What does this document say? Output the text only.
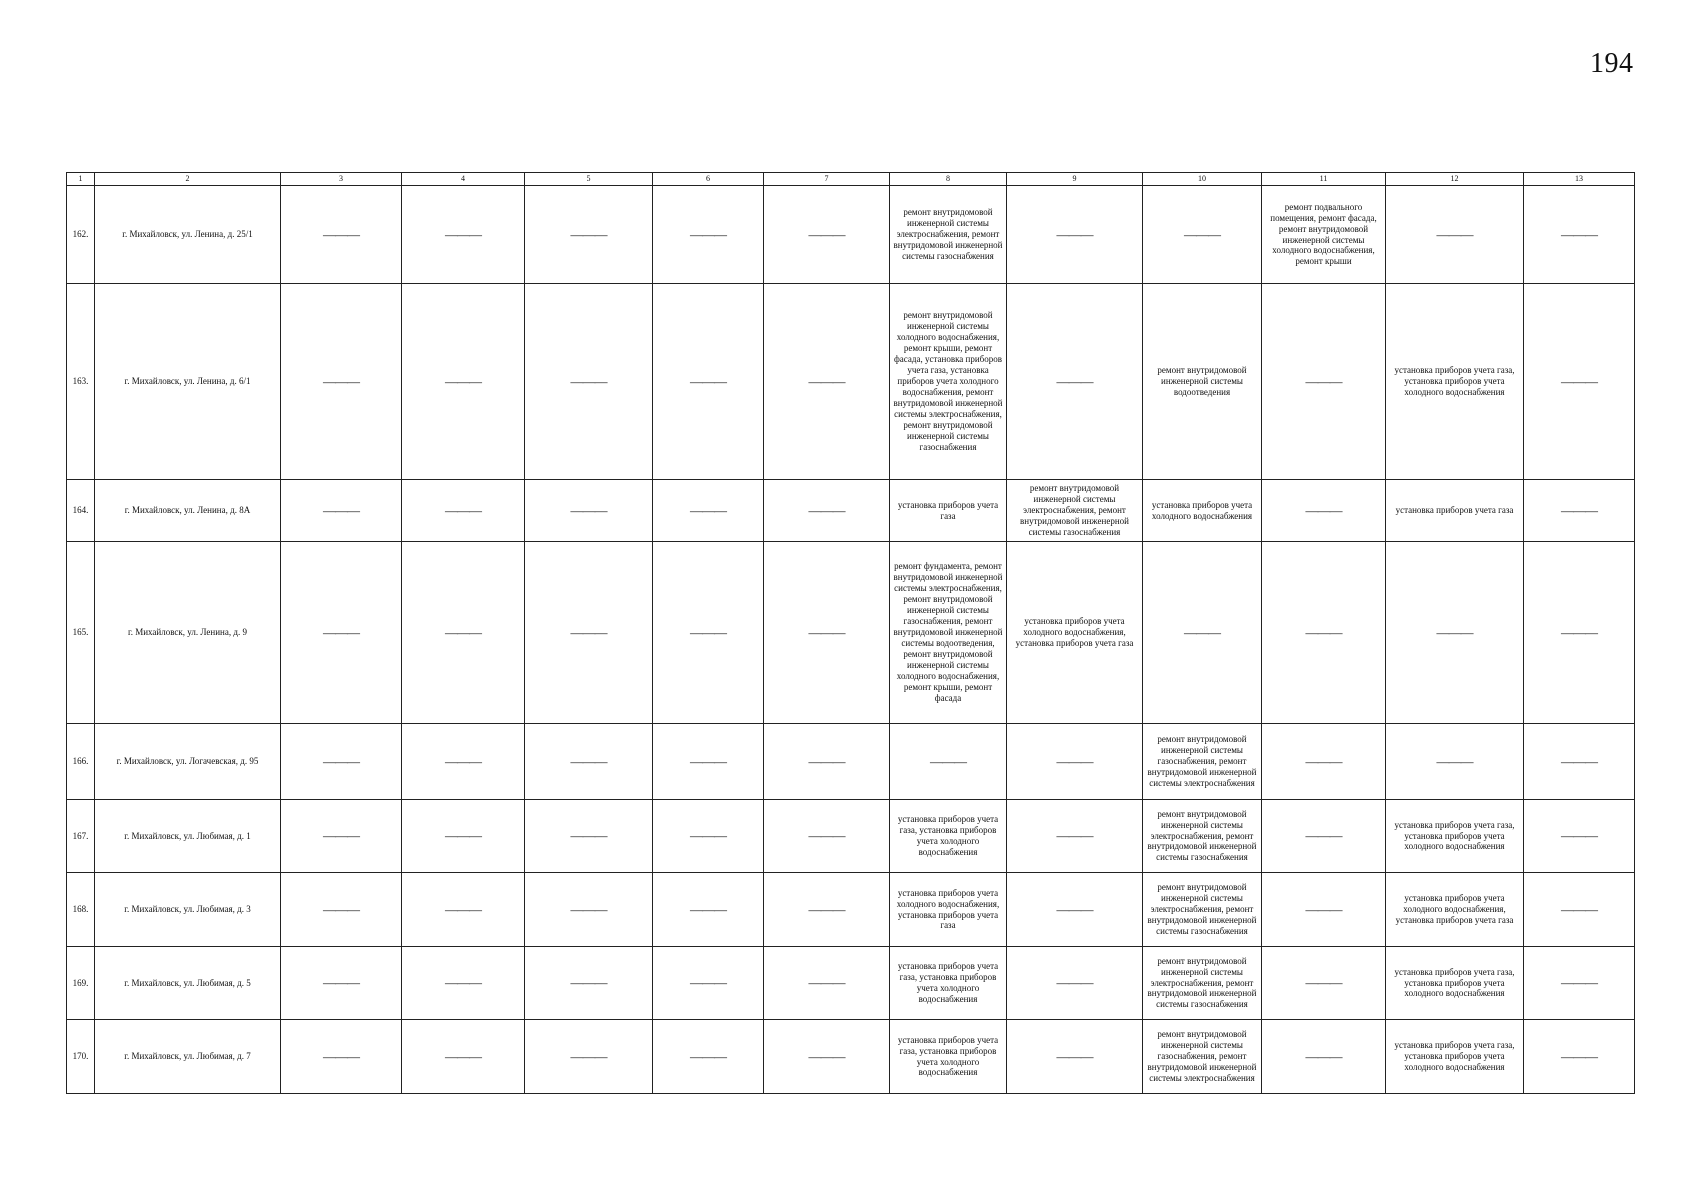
194
1	2	3	4	5	6	7	8	9	10	11	12	13
162.	г. Михайловск, ул. Ленина, д. 25/1	———	———	———	———	———	ремонт внутридомовой инженерной системы электроснабжения, ремонт внутридомовой инженерной системы газоснабжения	———	———	ремонт подвального помещения, ремонт фасада, ремонт внутридомовой инженерной системы холодного водоснабжения, ремонт крыши	———	———
163.	г. Михайловск, ул. Ленина, д. 6/1	———	———	———	———	———	ремонт внутридомовой инженерной системы холодного водоснабжения, ремонт крыши, ремонт фасада, установка приборов учета газа, установка приборов учета холодного водоснабжения, ремонт внутридомовой инженерной системы электроснабжения, ремонт внутридомовой инженерной системы газоснабжения	———	ремонт внутридомовой инженерной системы водоотведения	———	установка приборов учета газа, установка приборов учета холодного водоснабжения	———
164.	г. Михайловск, ул. Ленина, д. 8А	———	———	———	———	———	установка приборов учета газа	ремонт внутридомовой инженерной системы электроснабжения, ремонт внутридомовой инженерной системы газоснабжения	установка приборов учета холодного водоснабжения	———	установка приборов учета газа	———
165.	г. Михайловск, ул. Ленина, д. 9	———	———	———	———	———	ремонт фундамента, ремонт внутридомовой инженерной системы электроснабжения, ремонт внутридомовой инженерной системы газоснабжения, ремонт внутридомовой инженерной системы водоотведения, ремонт внутридомовой инженерной системы холодного водоснабжения, ремонт крыши, ремонт фасада	установка приборов учета холодного водоснабжения, установка приборов учета газа	———	———	———	———
166.	г. Михайловск, ул. Логачевская, д. 95	———	———	———	———	———	———	———	ремонт внутридомовой инженерной системы газоснабжения, ремонт внутридомовой инженерной системы электроснабжения	———	———	———
167.	г. Михайловск, ул. Любимая, д. 1	———	———	———	———	———	установка приборов учета газа, установка приборов учета холодного водоснабжения	———	ремонт внутридомовой инженерной системы электроснабжения, ремонт внутридомовой инженерной системы газоснабжения	———	установка приборов учета газа, установка приборов учета холодного водоснабжения	———
168.	г. Михайловск, ул. Любимая, д. 3	———	———	———	———	———	установка приборов учета холодного водоснабжения, установка приборов учета газа	———	ремонт внутридомовой инженерной системы электроснабжения, ремонт внутридомовой инженерной системы газоснабжения	———	установка приборов учета холодного водоснабжения, установка приборов учета газа	———
169.	г. Михайловск, ул. Любимая, д. 5	———	———	———	———	———	установка приборов учета газа, установка приборов учета холодного водоснабжения	———	ремонт внутридомовой инженерной системы электроснабжения, ремонт внутридомовой инженерной системы газоснабжения	———	установка приборов учета газа, установка приборов учета холодного водоснабжения	———
170.	г. Михайловск, ул. Любимая, д. 7	———	———	———	———	———	установка приборов учета газа, установка приборов учета холодного водоснабжения	———	ремонт внутридомовой инженерной системы газоснабжения, ремонт внутридомовой инженерной системы электроснабжения	———	установка приборов учета газа, установка приборов учета холодного водоснабжения	———
